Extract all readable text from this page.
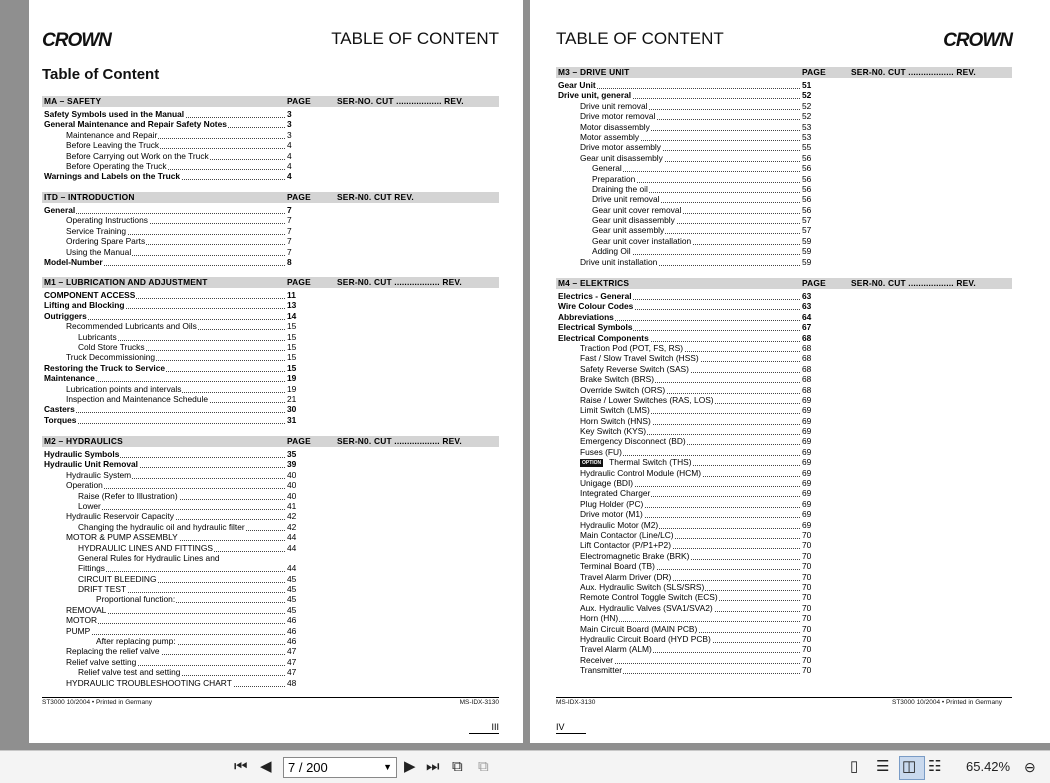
CROWN	TABLE OF CONTENT
Table of Content
MA – SAFETY	PAGE	SER-NO. CUT .................. REV.
Safety Symbols used in the Manual	3
General Maintenance and Repair Safety Notes	3
Maintenance and Repair	3
Before Leaving the Truck	4
Before Carrying out Work on the Truck	4
Before Operating the Truck	4
Warnings and Labels on the Truck	4
ITD – INTRODUCTION	PAGE	SER-N0. CUT REV.
General	7
Operating Instructions	7
Service Training	7
Ordering Spare Parts	7
Using the Manual	7
Model-Number	8
M1 – LUBRICATION AND ADJUSTMENT	PAGE	SER-N0. CUT .................. REV.
COMPONENT ACCESS	11
Lifting and Blocking	13
Outriggers	14
Recommended Lubricants and Oils	15
Lubricants	15
Cold Store Trucks	15
Truck Decommissioning	15
Restoring the Truck to Service	15
Maintenance	19
Lubrication points and intervals	19
Inspection and Maintenance Schedule	21
Casters	30
Torques	31
M2 – HYDRAULICS	PAGE	SER-N0. CUT .................. REV.
Hydraulic Symbols	35
Hydraulic Unit Removal	39
Hydraulic System	40
Operation	40
Raise (Refer to Illustration)	40
Lower	41
Hydraulic Reservoir Capacity	42
Changing the hydraulic oil and hydraulic filter	42
MOTOR & PUMP ASSEMBLY	44
HYDRAULIC LINES AND FITTINGS	44
General Rules for Hydraulic Lines and
Fittings	44
CIRCUIT BLEEDING	45
DRIFT TEST	45
Proportional function:	45
REMOVAL	45
MOTOR	46
PUMP	46
After replacing pump:	46
Replacing the relief valve	47
Relief valve setting	47
Relief valve test and setting	47
HYDRAULIC TROUBLESHOOTING CHART	48
ST3000 10/2004 • Printed in Germany	MS-IDX-3130
III
TABLE OF CONTENT	CROWN
M3 – DRIVE UNIT	PAGE	SER-N0. CUT .................. REV.
Gear Unit	51
Drive unit, general	52
Drive unit removal	52
Drive motor removal	52
Motor disassembly	53
Motor assembly	53
Drive motor assembly	55
Gear unit disassembly	56
General	56
Preparation	56
Draining the oil	56
Drive unit removal	56
Gear unit cover removal	56
Gear unit disassembly	57
Gear unit assembly	57
Gear unit cover installation	59
Adding Oil	59
Drive unit installation	59
M4 – ELEKTRICS	PAGE	SER-N0. CUT .................. REV.
Electrics - General	63
Wire Colour Codes	63
Abbreviations	64
Electrical Symbols	67
Electrical Components	68
Traction Pod (POT, FS, RS)	68
Fast / Slow Travel Switch (HSS)	68
Safety Reverse Switch (SAS)	68
Brake Switch (BRS)	68
Override Switch (ORS)	68
Raise / Lower Switches (RAS, LOS)	69
Limit Switch (LMS)	69
Horn Switch (HNS)	69
Key Switch (KYS)	69
Emergency Disconnect (BD)	69
Fuses (FU)	69
OPTION Thermal Switch (THS)	69
Hydraulic Control Module (HCM)	69
Unigage (BDI)	69
Integrated Charger	69
Plug Holder (PC)	69
Drive motor (M1)	69
Hydraulic Motor (M2)	69
Main Contactor (Line/LC)	70
Lift Contactor (P/P1+P2)	70
Electromagnetic Brake (BRK)	70
Terminal Board (TB)	70
Travel Alarm Driver (DR)	70
Aux. Hydraulic Switch (SLS/SRS)	70
Remote Control Toggle Switch (ECS)	70
Aux. Hydraulic Valves (SVA1/SVA2)	70
Horn (HN)	70
Main Circuit Board (MAIN PCB)	70
Hydraulic Circuit Board (HYD PCB)	70
Travel Alarm (ALM)	70
Receiver	70
Transmitter	70
MS-IDX-3130	ST3000 10/2004 • Printed in Germany
IV
⏮ ◀ 7 / 200	▼ ▶ ⏭ ⧉ ⧉	▯ ☰ ◫ ☷ 65.42% ⊖
